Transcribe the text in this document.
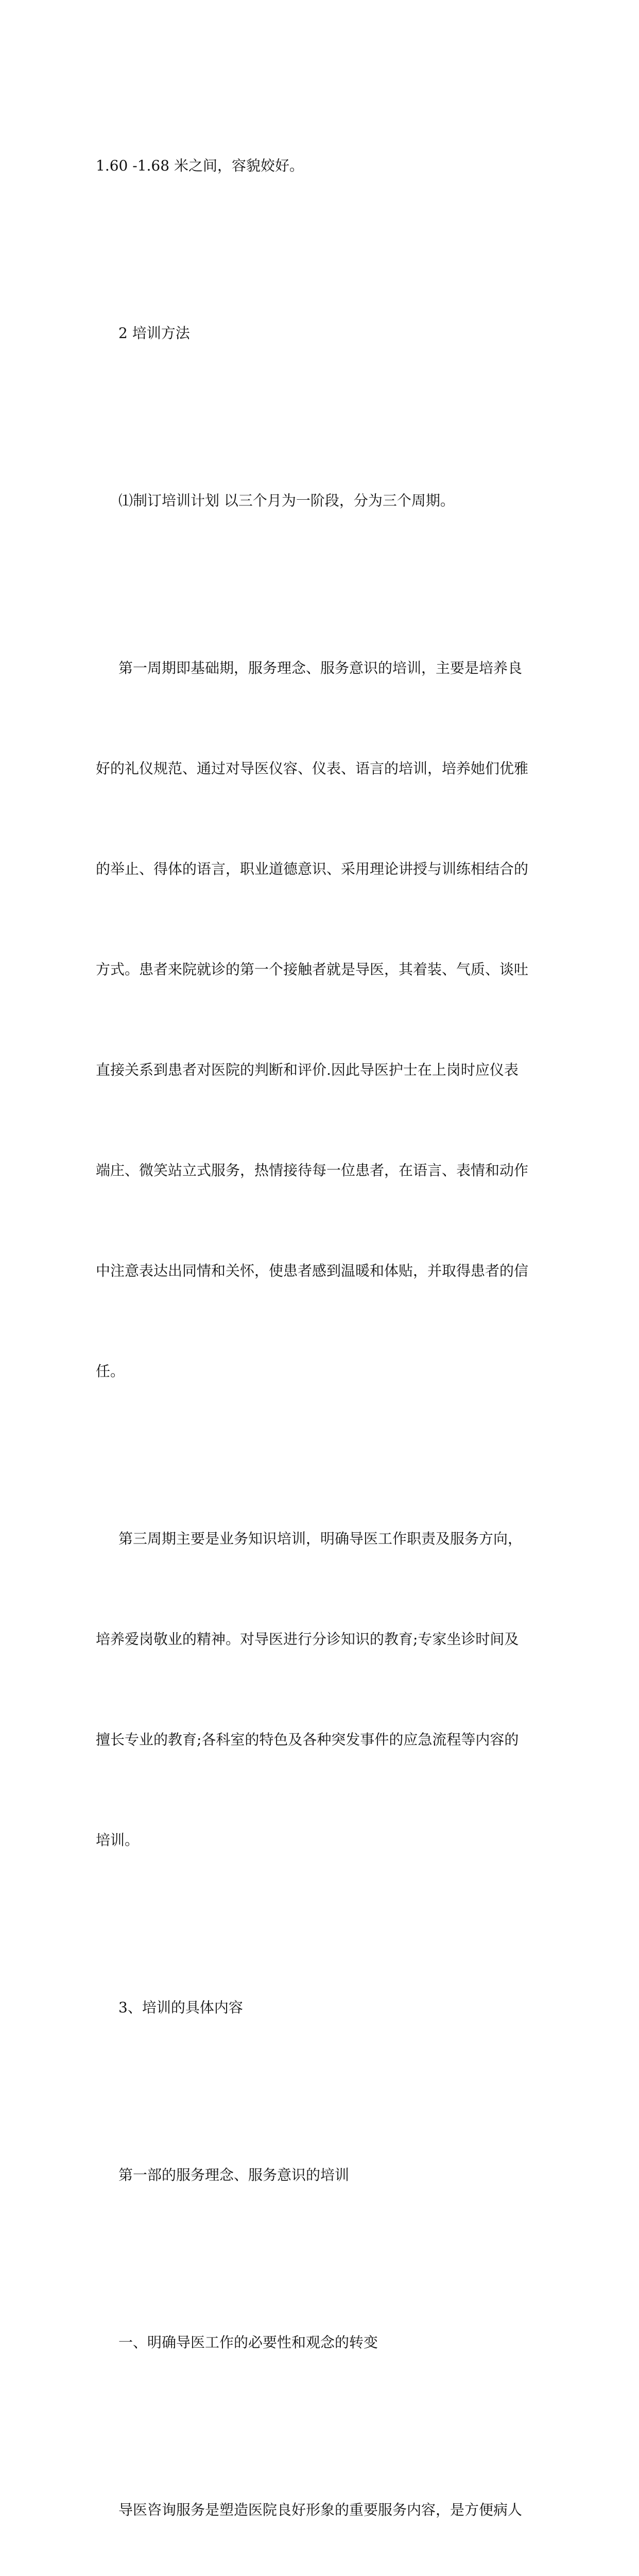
1.60 -1.68 米之间，容貌姣好。

2 培训方法

⑴制订培训计划 以三个月为一阶段，分为三个周期。

第一周期即基础期，服务理念、服务意识的培训，主要是培养良

好的礼仪规范、通过对导医仪容、仪表、语言的培训，培养她们优雅

的举止、得体的语言，职业道德意识、采用理论讲授与训练相结合的

方式。患者来院就诊的第一个接触者就是导医，其着装、气质、谈吐

直接关系到患者对医院的判断和评价.因此导医护士在上岗时应仪表

端庄、微笑站立式服务，热情接待每一位患者，在语言、表情和动作

中注意表达出同情和关怀，使患者感到温暖和体贴，并取得患者的信

任。

第三周期主要是业务知识培训，明确导医工作职责及服务方向，

培养爱岗敬业的精神。对导医进行分诊知识的教育;专家坐诊时间及

擅长专业的教育;各科室的特色及各种突发事件的应急流程等内容的

培训。

3、培训的具体内容

第一部的服务理念、服务意识的培训

一、明确导医工作的必要性和观念的转变

导医咨询服务是塑造医院良好形象的重要服务内容，是方便病人
